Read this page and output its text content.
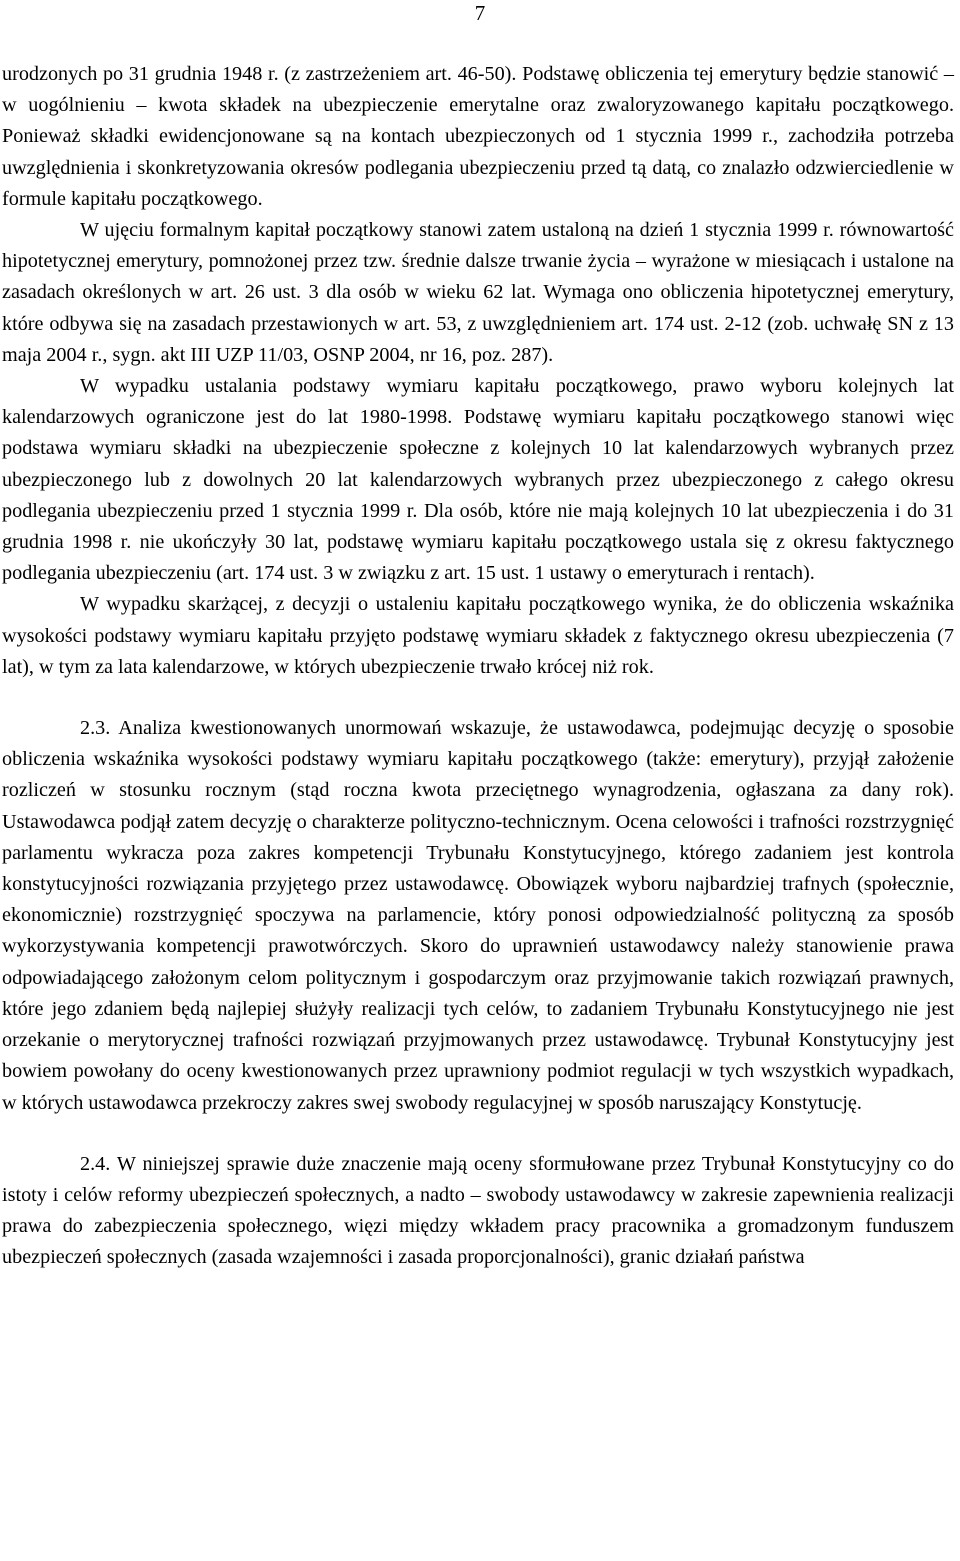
7

urodzonych po 31 grudnia 1948 r. (z zastrzeżeniem art. 46-50). Podstawę obliczenia tej emerytury będzie stanowić – w uogólnieniu – kwota składek na ubezpieczenie emerytalne oraz zwaloryzowanego kapitału początkowego. Ponieważ składki ewidencjonowane są na kontach ubezpieczonych od 1 stycznia 1999 r., zachodziła potrzeba uwzględnienia i skonkretyzowania okresów podlegania ubezpieczeniu przed tą datą, co znalazło odzwierciedlenie w formule kapitału początkowego.

W ujęciu formalnym kapitał początkowy stanowi zatem ustaloną na dzień 1 stycznia 1999 r. równowartość hipotetycznej emerytury, pomnożonej przez tzw. średnie dalsze trwanie życia – wyrażone w miesiącach i ustalone na zasadach określonych w art. 26 ust. 3 dla osób w wieku 62 lat. Wymaga ono obliczenia hipotetycznej emerytury, które odbywa się na zasadach przestawionych w art. 53, z uwzględnieniem art. 174 ust. 2-12 (zob. uchwałę SN z 13 maja 2004 r., sygn. akt III UZP 11/03, OSNP 2004, nr 16, poz. 287).

W wypadku ustalania podstawy wymiaru kapitału początkowego, prawo wyboru kolejnych lat kalendarzowych ograniczone jest do lat 1980-1998. Podstawę wymiaru kapitału początkowego stanowi więc podstawa wymiaru składki na ubezpieczenie społeczne z kolejnych 10 lat kalendarzowych wybranych przez ubezpieczonego lub z dowolnych 20 lat kalendarzowych wybranych przez ubezpieczonego z całego okresu podlegania ubezpieczeniu przed 1 stycznia 1999 r. Dla osób, które nie mają kolejnych 10 lat ubezpieczenia i do 31 grudnia 1998 r. nie ukończyły 30 lat, podstawę wymiaru kapitału początkowego ustala się z okresu faktycznego podlegania ubezpieczeniu (art. 174 ust. 3 w związku z art. 15 ust. 1 ustawy o emeryturach i rentach).

W wypadku skarżącej, z decyzji o ustaleniu kapitału początkowego wynika, że do obliczenia wskaźnika wysokości podstawy wymiaru kapitału przyjęto podstawę wymiaru składek z faktycznego okresu ubezpieczenia (7 lat), w tym za lata kalendarzowe, w których ubezpieczenie trwało krócej niż rok.

2.3. Analiza kwestionowanych unormowań wskazuje, że ustawodawca, podejmując decyzję o sposobie obliczenia wskaźnika wysokości podstawy wymiaru kapitału początkowego (także: emerytury), przyjął założenie rozliczeń w stosunku rocznym (stąd roczna kwota przeciętnego wynagrodzenia, ogłaszana za dany rok). Ustawodawca podjął zatem decyzję o charakterze polityczno-technicznym. Ocena celowości i trafności rozstrzygnięć parlamentu wykracza poza zakres kompetencji Trybunału Konstytucyjnego, którego zadaniem jest kontrola konstytucyjności rozwiązania przyjętego przez ustawodawcę. Obowiązek wyboru najbardziej trafnych (społecznie, ekonomicznie) rozstrzygnięć spoczywa na parlamencie, który ponosi odpowiedzialność polityczną za sposób wykorzystywania kompetencji prawotwórczych. Skoro do uprawnień ustawodawcy należy stanowienie prawa odpowiadającego założonym celom politycznym i gospodarczym oraz przyjmowanie takich rozwiązań prawnych, które jego zdaniem będą najlepiej służyły realizacji tych celów, to zadaniem Trybunału Konstytucyjnego nie jest orzekanie o merytorycznej trafności rozwiązań przyjmowanych przez ustawodawcę. Trybunał Konstytucyjny jest bowiem powołany do oceny kwestionowanych przez uprawniony podmiot regulacji w tych wszystkich wypadkach, w których ustawodawca przekroczy zakres swej swobody regulacyjnej w sposób naruszający Konstytucję.

2.4. W niniejszej sprawie duże znaczenie mają oceny sformułowane przez Trybunał Konstytucyjny co do istoty i celów reformy ubezpieczeń społecznych, a nadto – swobody ustawodawcy w zakresie zapewnienia realizacji prawa do zabezpieczenia społecznego, więzi między wkładem pracy pracownika a gromadzonym funduszem ubezpieczeń społecznych (zasada wzajemności i zasada proporcjonalności), granic działań państwa
